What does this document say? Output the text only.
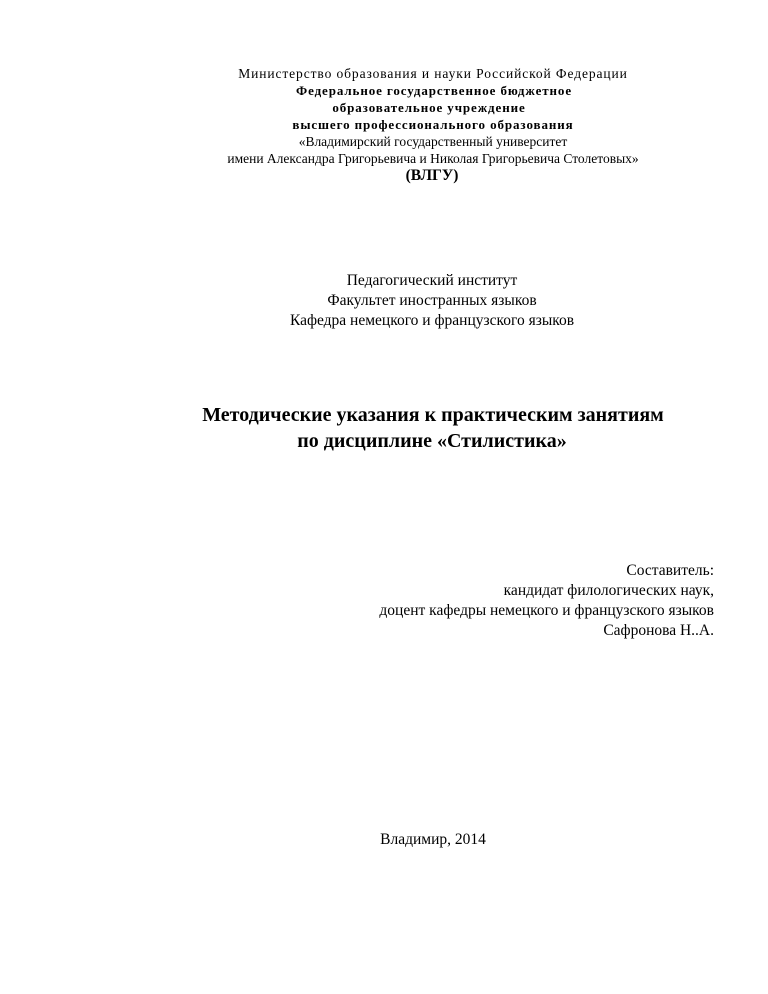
Министерство образования и науки Российской Федерации
Федеральное государственное бюджетное
образовательное учреждение
высшего профессионального образования
«Владимирский государственный университет
имени Александра Григорьевича и Николая Григорьевича Столетовых»
(ВЛГУ)
Педагогический институт
Факультет иностранных языков
Кафедра немецкого и французского языков
Методические указания к практическим занятиям
по дисциплине «Стилистика»
Составитель:
кандидат филологических наук,
доцент кафедры немецкого и французского языков
Сафронова Н..А.
Владимир, 2014
